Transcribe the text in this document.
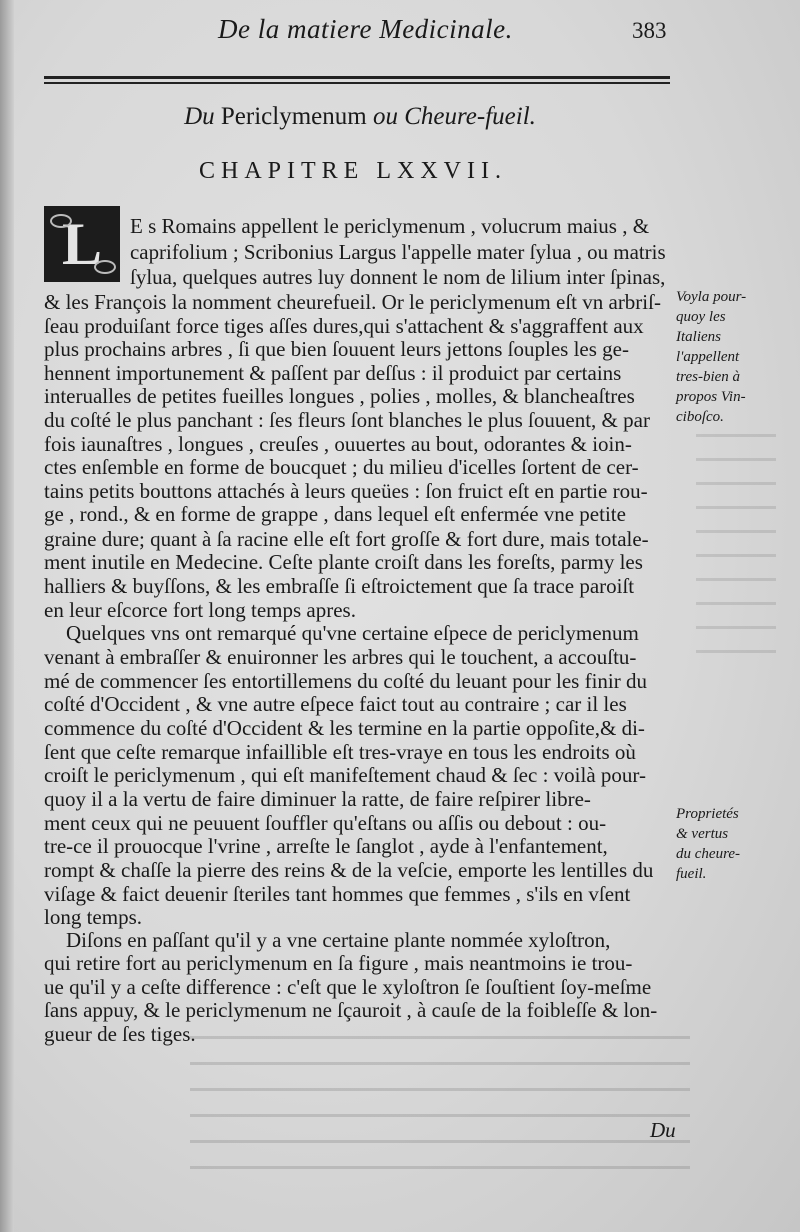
De la matiere Medicinale.	383
Du Periclymenum ou Cheure-fueil.
CHAPITRE LXXVII.
L E s Romains appellent le periclymenum , volucrum maius , &
caprifolium ; Scribonius Largus l'appelle mater ſylua , ou matris
ſylua, quelques autres luy donnent le nom de lilium inter ſpinas,
& les François la nomment cheurefueil. Or le periclymenum eſt vn arbriſ-
ſeau produiſant force tiges aſſes dures,qui s'attachent & s'aggraffent aux
plus prochains arbres , ſi que bien ſouuent leurs jettons ſouples les ge-
hennent importunement & paſſent par deſſus : il produict par certains
interualles de petites fueilles longues , polies , molles, & blancheaſtres
du coſté le plus panchant : ſes fleurs ſont blanches le plus ſouuent, & par
fois iaunaſtres , longues , creuſes , ouuertes au bout, odorantes & ioin-
ctes enſemble en forme de boucquet ; du milieu d'icelles ſortent de cer-
tains petits bouttons attachés à leurs queües : ſon fruict eſt en partie rou-
ge , rond., & en forme de grappe , dans lequel eſt enfermée vne petite
graine dure; quant à ſa racine elle eſt fort groſſe & fort dure, mais totale-
ment inutile en Medecine. Ceſte plante croiſt dans les foreſts, parmy les
halliers & buyſſons, & les embraſſe ſi eſtroictement que ſa trace paroiſt
en leur eſcorce fort long temps apres.
Quelques vns ont remarqué qu'vne certaine eſpece de periclymenum
venant à embraſſer & enuironner les arbres qui le touchent, a accouſtu-
mé de commencer ſes entortillemens du coſté du leuant pour les finir du
coſté d'Occident , & vne autre eſpece faict tout au contraire ; car il les
commence du coſté d'Occident & les termine en la partie oppoſite,& di-
ſent que ceſte remarque infaillible eſt tres-vraye en tous les endroits où
croiſt le periclymenum , qui eſt manifeſtement chaud & ſec : voilà pour-
quoy il a la vertu de faire diminuer la ratte, de faire reſpirer libre-
ment ceux qui ne peuuent ſouffler qu'eſtans ou aſſis ou debout : ou-
tre-ce il prouocque l'vrine , arreſte le ſanglot , ayde à l'enfantement,
rompt & chaſſe la pierre des reins & de la veſcie, emporte les lentilles du
viſage & faict deuenir ſteriles tant hommes que femmes , s'ils en vſent
long temps.
Diſons en paſſant qu'il y a vne certaine plante nommée xyloſtron,
qui retire fort au periclymenum en ſa figure , mais neantmoins ie trou-
ue qu'il y a ceſte difference : c'eſt que le xyloſtron ſe ſouſtient ſoy-meſme
ſans appuy, & le periclymenum ne ſçauroit , à cauſe de la foibleſſe & lon-
gueur de ſes tiges.
Voyla pour-
quoy les
Italiens
l'appellent
tres-bien à
propos Vin-
ciboſco.
Proprietés
& vertus
du cheure-
fueil.
Du
